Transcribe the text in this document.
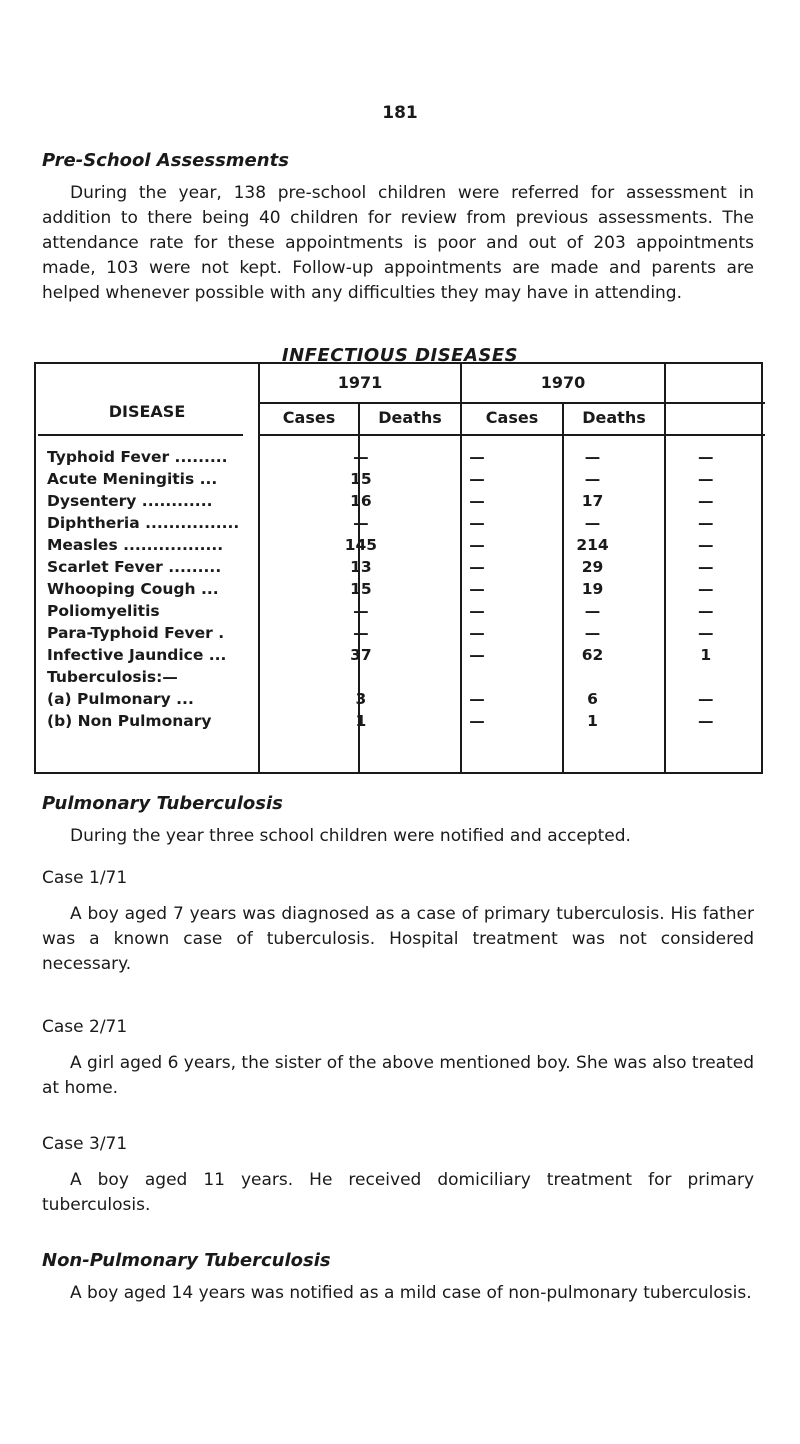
181
Pre-School Assessments

During the year, 138 pre-school children were referred for assessment in addition to there being 40 children for review from previous assessments. The attendance rate for these appointments is poor and out of 203 appointments made, 103 were not kept. Follow-up appointments are made and parents are helped whenever possible with any difficulties they may have in attending.

INFECTIOUS DISEASES
DISEASE
1971	1970
Cases	Deaths	Cases	Deaths
Typhoid Fever .........	—	—	—	—
Acute Meningitis ...	15	—	—	—
Dysentery ............	16	—	17	—
Diphtheria ................	—	—	—	—
Measles .................	145	—	214	—
Scarlet Fever .........	13	—	29	—
Whooping Cough ...	15	—	19	—
Poliomyelitis	—	—	—	—
Para-Typhoid Fever .	—	—	—	—
Infective Jaundice ...	37	—	62	1
Tuberculosis:—				
(a) Pulmonary ...	3	—	6	—
(b) Non Pulmonary	1	—	1	—
Pulmonary Tuberculosis

During the year three school children were notified and accepted.

Case 1/71

A boy aged 7 years was diagnosed as a case of primary tuberculosis. His father was a known case of tuberculosis. Hospital treatment was not considered necessary.

Case 2/71

A girl aged 6 years, the sister of the above mentioned boy. She was also treated at home.

Case 3/71

A boy aged 11 years. He received domiciliary treatment for primary tuberculosis.

Non-Pulmonary Tuberculosis

A boy aged 14 years was notified as a mild case of non-pulmonary tuberculosis.
